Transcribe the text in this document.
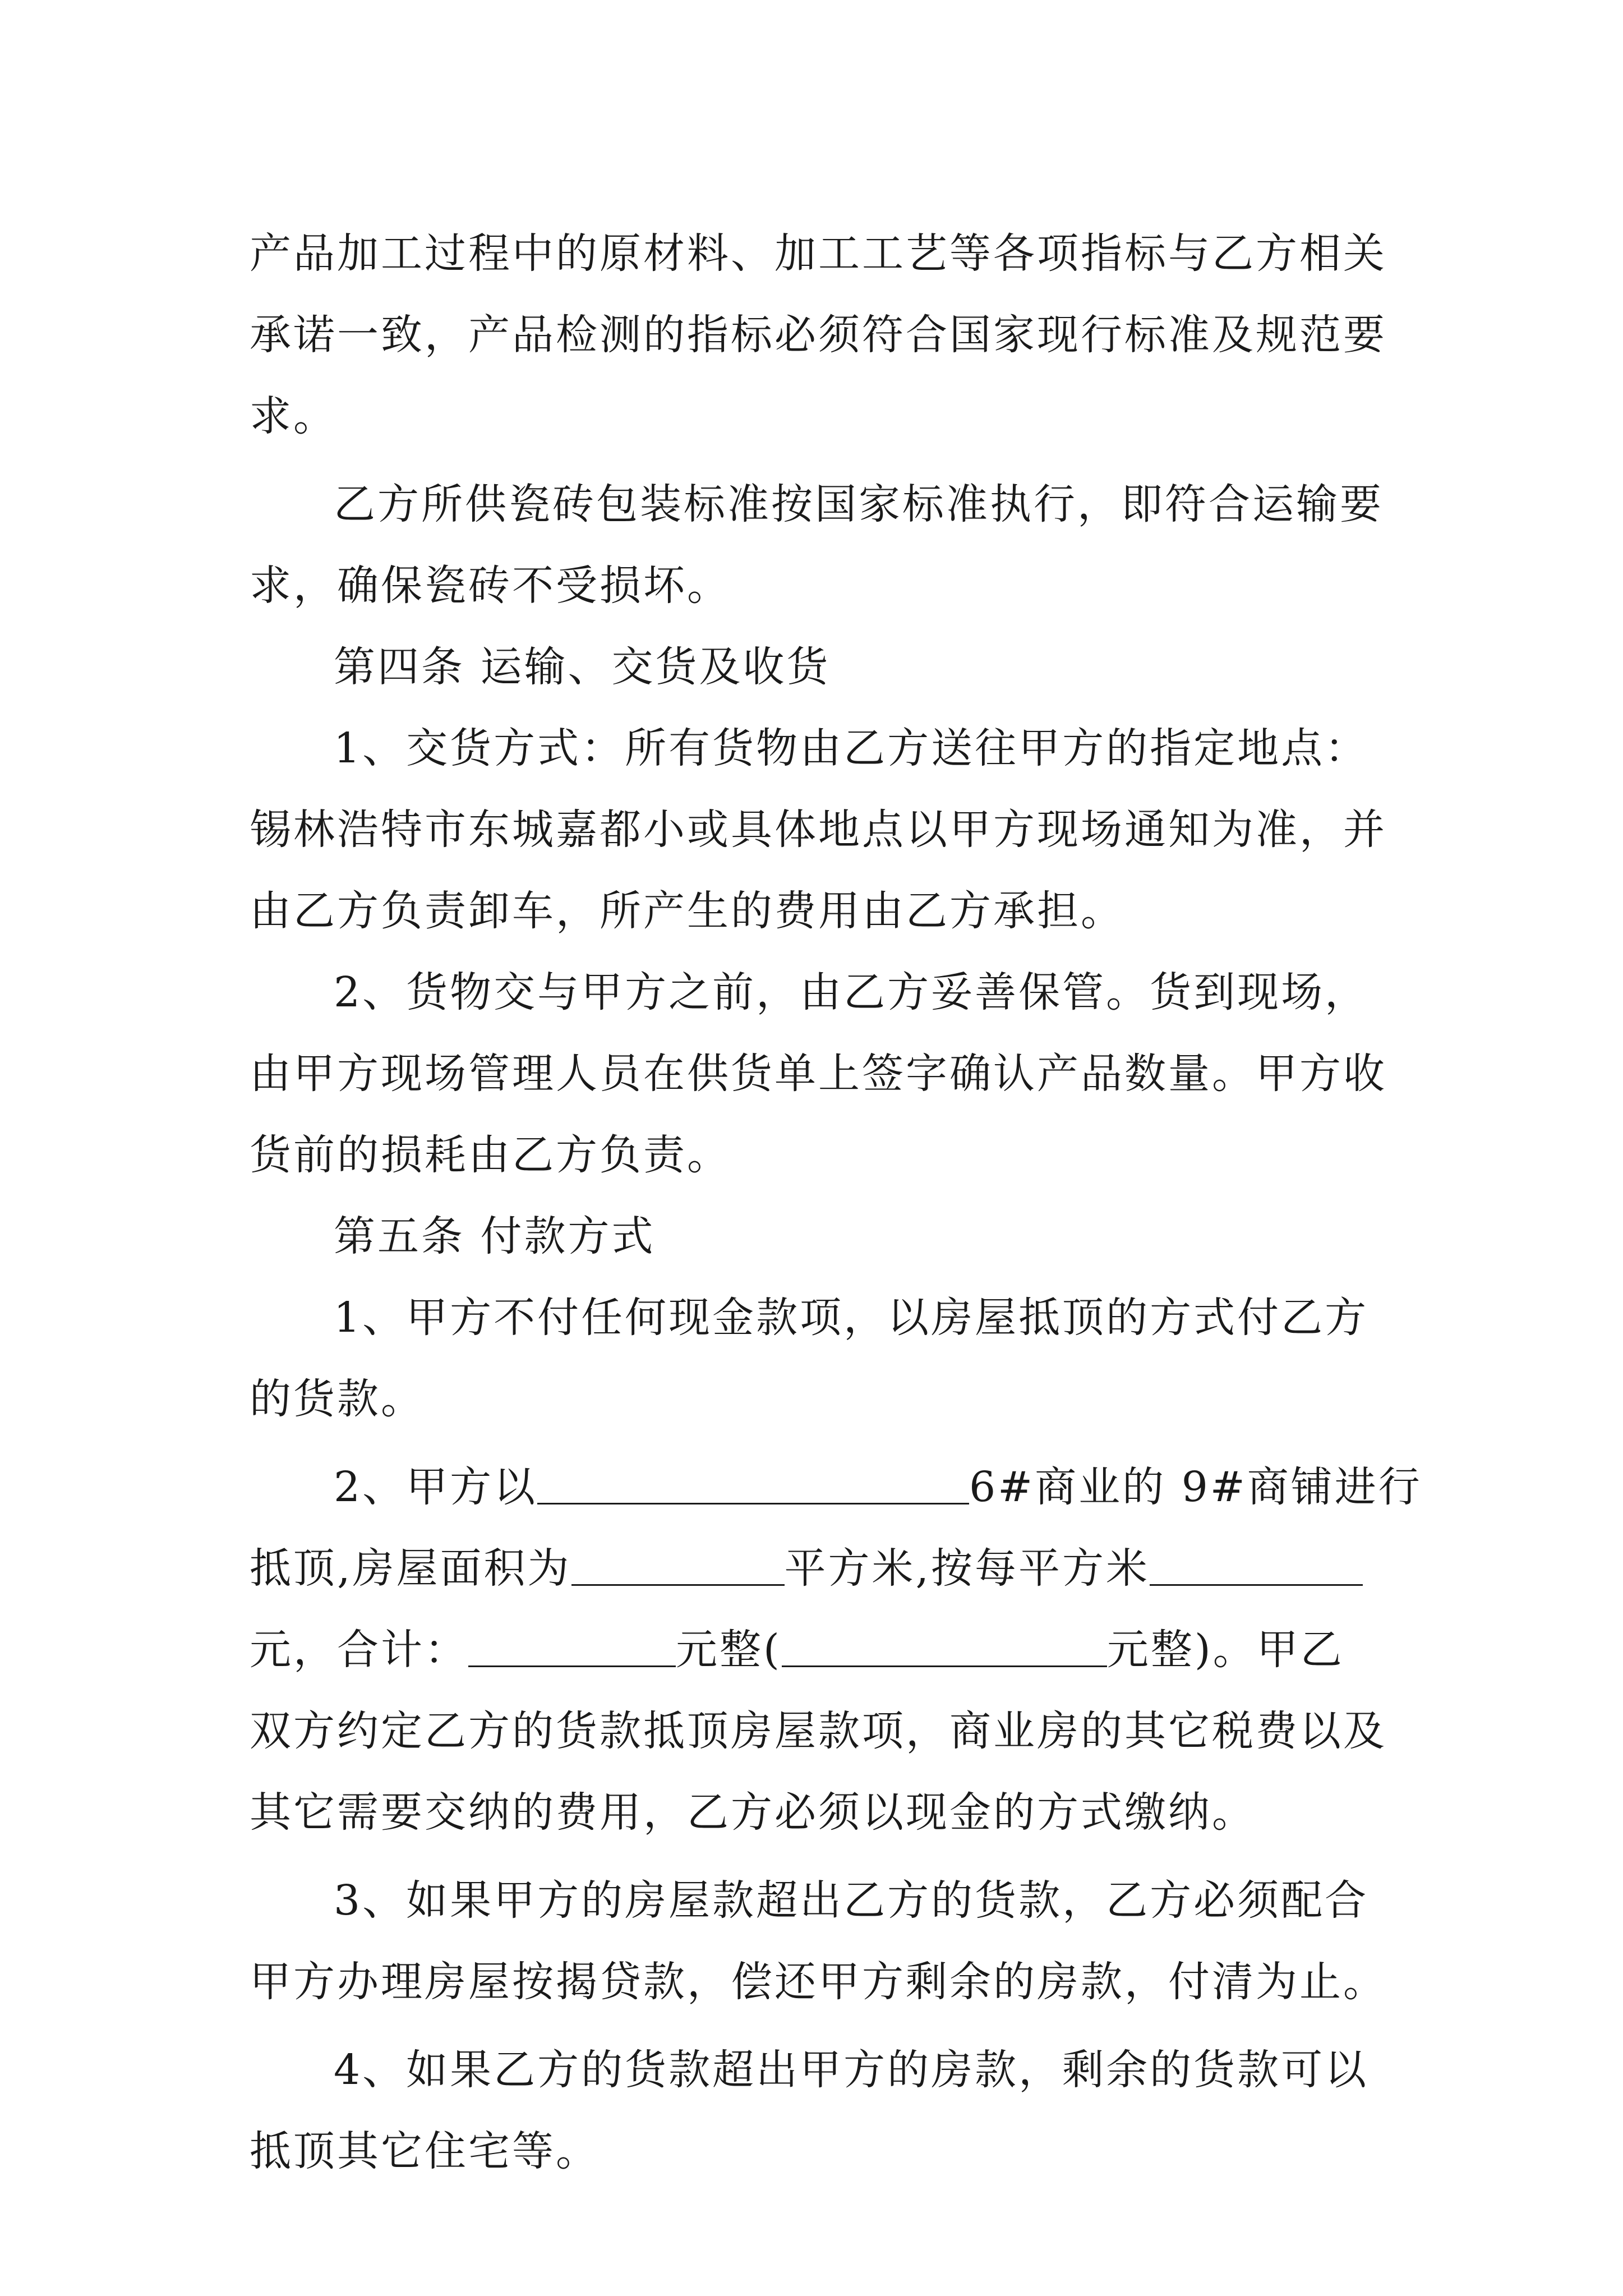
产品加工过程中的原材料、加工工艺等各项指标与乙方相关
承诺一致，产品检测的指标必须符合国家现行标准及规范要
求。
乙方所供瓷砖包装标准按国家标准执行，即符合运输要
求，确保瓷砖不受损坏。
第四条 运输、交货及收货
1、交货方式：所有货物由乙方送往甲方的指定地点：
锡林浩特市东城嘉都小或具体地点以甲方现场通知为准，并
由乙方负责卸车，所产生的费用由乙方承担。
2、货物交与甲方之前，由乙方妥善保管。货到现场，
由甲方现场管理人员在供货单上签字确认产品数量。甲方收
货前的损耗由乙方负责。
第五条 付款方式
1、甲方不付任何现金款项，以房屋抵顶的方式付乙方
的货款。
2、甲方以	6#商业的 9#商铺进行
抵顶,房屋面积为	平方米,按每平方米
元，合计：	元整(	元整)。甲乙
双方约定乙方的货款抵顶房屋款项，商业房的其它税费以及
其它需要交纳的费用，乙方必须以现金的方式缴纳。
3、如果甲方的房屋款超出乙方的货款，乙方必须配合
甲方办理房屋按揭贷款，偿还甲方剩余的房款，付清为止。
4、如果乙方的货款超出甲方的房款，剩余的货款可以
抵顶其它住宅等。
